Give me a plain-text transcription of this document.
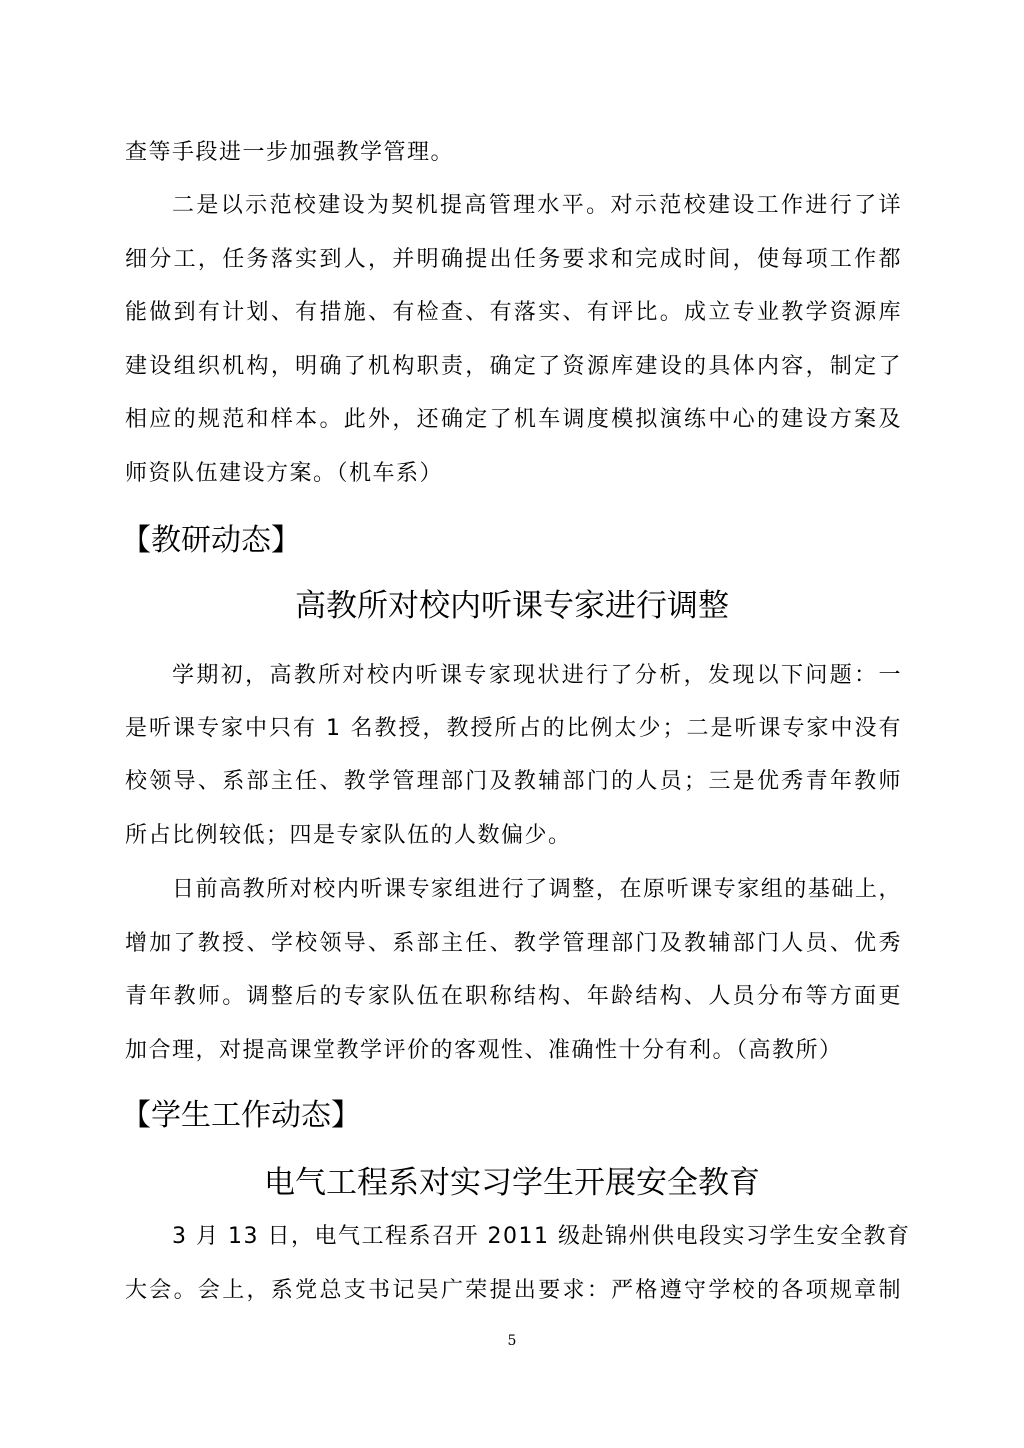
查等手段进一步加强教学管理。
二是以示范校建设为契机提高管理水平。对示范校建设工作进行了详
细分工，任务落实到人，并明确提出任务要求和完成时间，使每项工作都
能做到有计划、有措施、有检查、有落实、有评比。成立专业教学资源库
建设组织机构，明确了机构职责，确定了资源库建设的具体内容，制定了
相应的规范和样本。此外，还确定了机车调度模拟演练中心的建设方案及
师资队伍建设方案。（机车系）
【教研动态】
高教所对校内听课专家进行调整
学期初，高教所对校内听课专家现状进行了分析，发现以下问题：一
是听课专家中只有 1 名教授，教授所占的比例太少；二是听课专家中没有
校领导、系部主任、教学管理部门及教辅部门的人员；三是优秀青年教师
所占比例较低；四是专家队伍的人数偏少。
日前高教所对校内听课专家组进行了调整，在原听课专家组的基础上，
增加了教授、学校领导、系部主任、教学管理部门及教辅部门人员、优秀
青年教师。调整后的专家队伍在职称结构、年龄结构、人员分布等方面更
加合理，对提高课堂教学评价的客观性、准确性十分有利。（高教所）
【学生工作动态】
电气工程系对实习学生开展安全教育
3 月 13 日，电气工程系召开 2011 级赴锦州供电段实习学生安全教育
大会。会上，系党总支书记吴广荣提出要求：严格遵守学校的各项规章制
5
